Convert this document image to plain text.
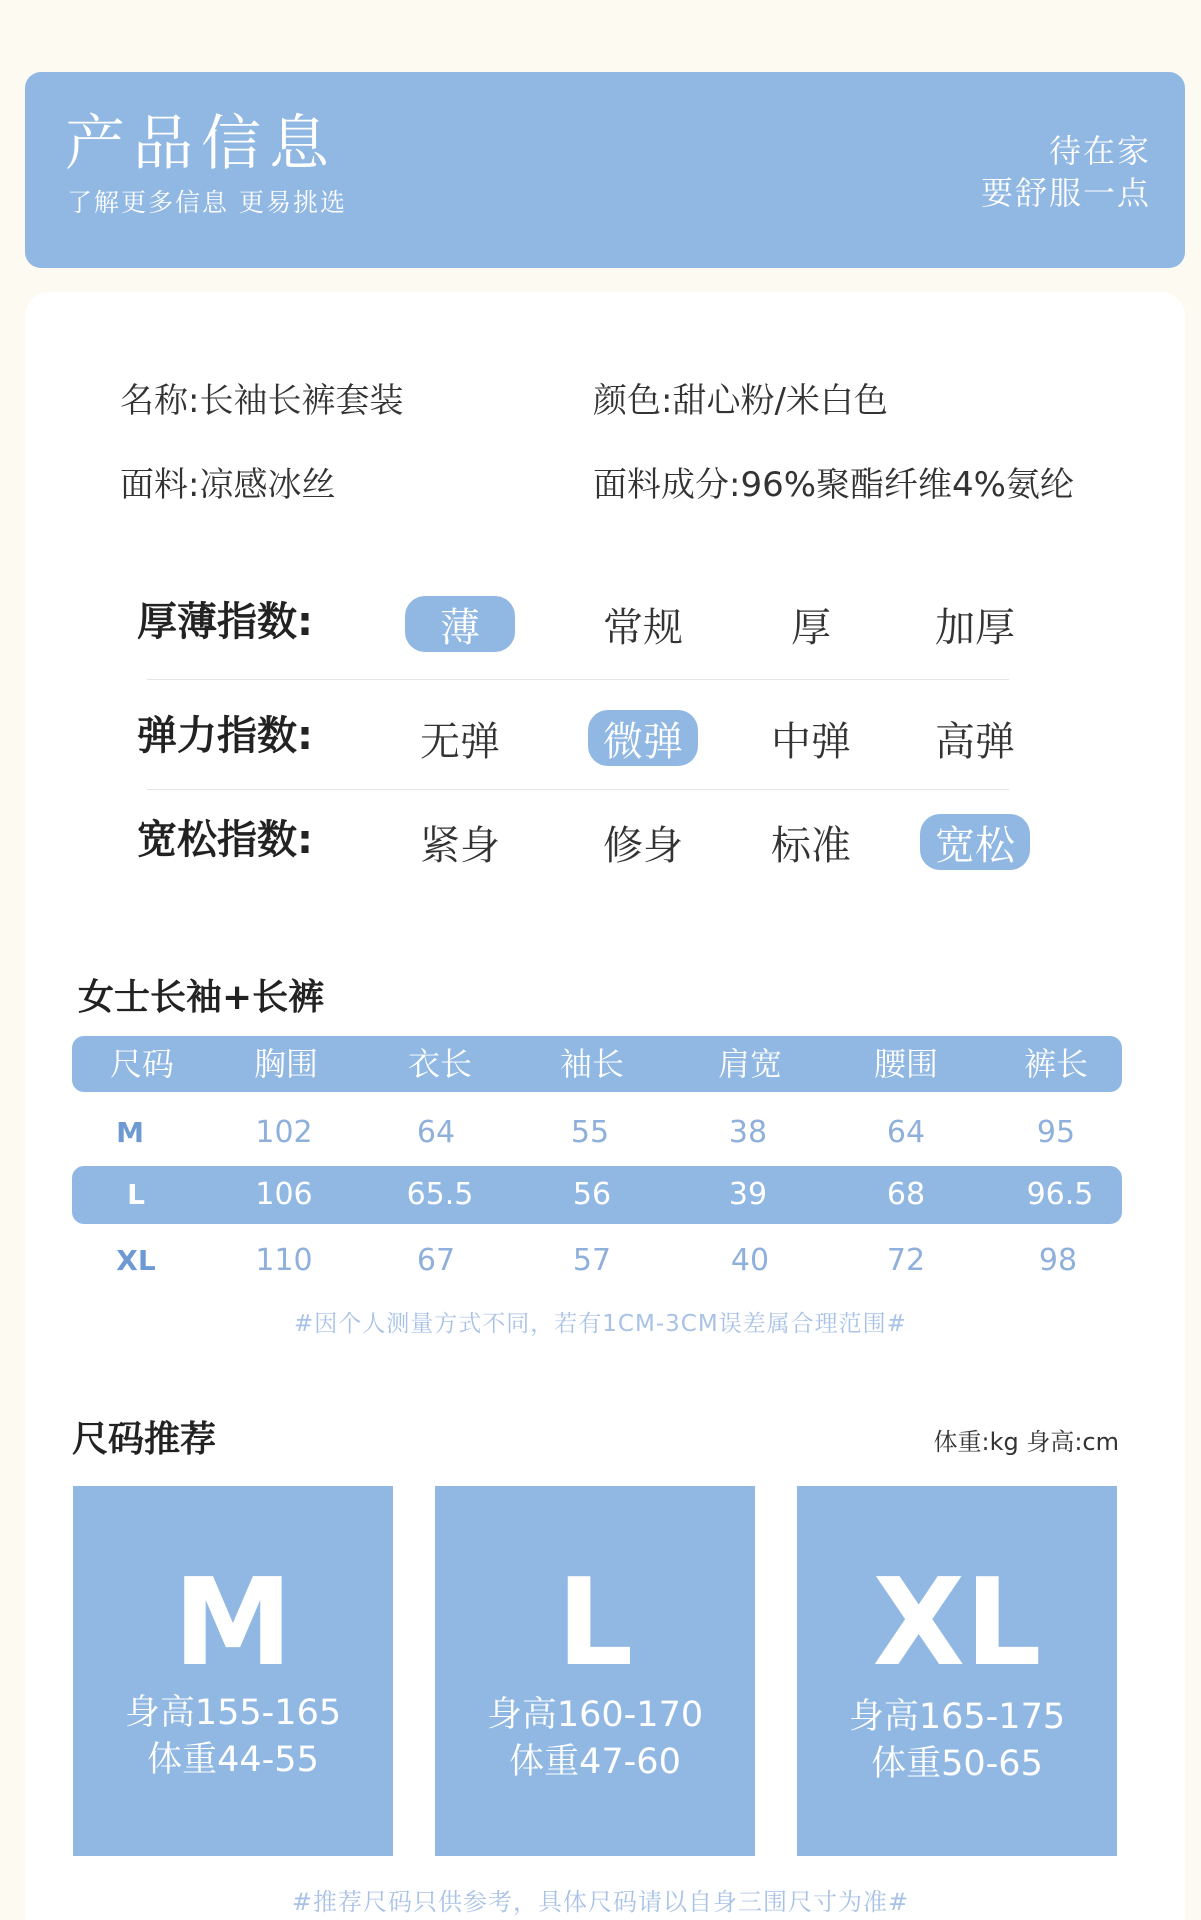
产品信息
了解更多信息 更易挑选
待在家
要舒服一点
名称:长袖长裤套装	颜色:甜心粉/米白色
面料:凉感冰丝	面料成分:96%聚酯纤维4%氨纶
厚薄指数:	薄	常规	厚	加厚
弹力指数:	无弹	微弹	中弹	高弹
宽松指数:	紧身	修身	标准	宽松
女士长袖+长裤
尺码	胸围	衣长	袖长	肩宽	腰围	裤长
M	102	64	55	38	64	95
L	106	65.5	56	39	68	96.5
XL	110	67	57	40	72	98
#因个人测量方式不同，若有1CM-3CM误差属合理范围#
尺码推荐	体重:kg 身高:cm
M
身高155-165
体重44-55
L
身高160-170
体重47-60
XL
身高165-175
体重50-65
#推荐尺码只供参考，具体尺码请以自身三围尺寸为准#
